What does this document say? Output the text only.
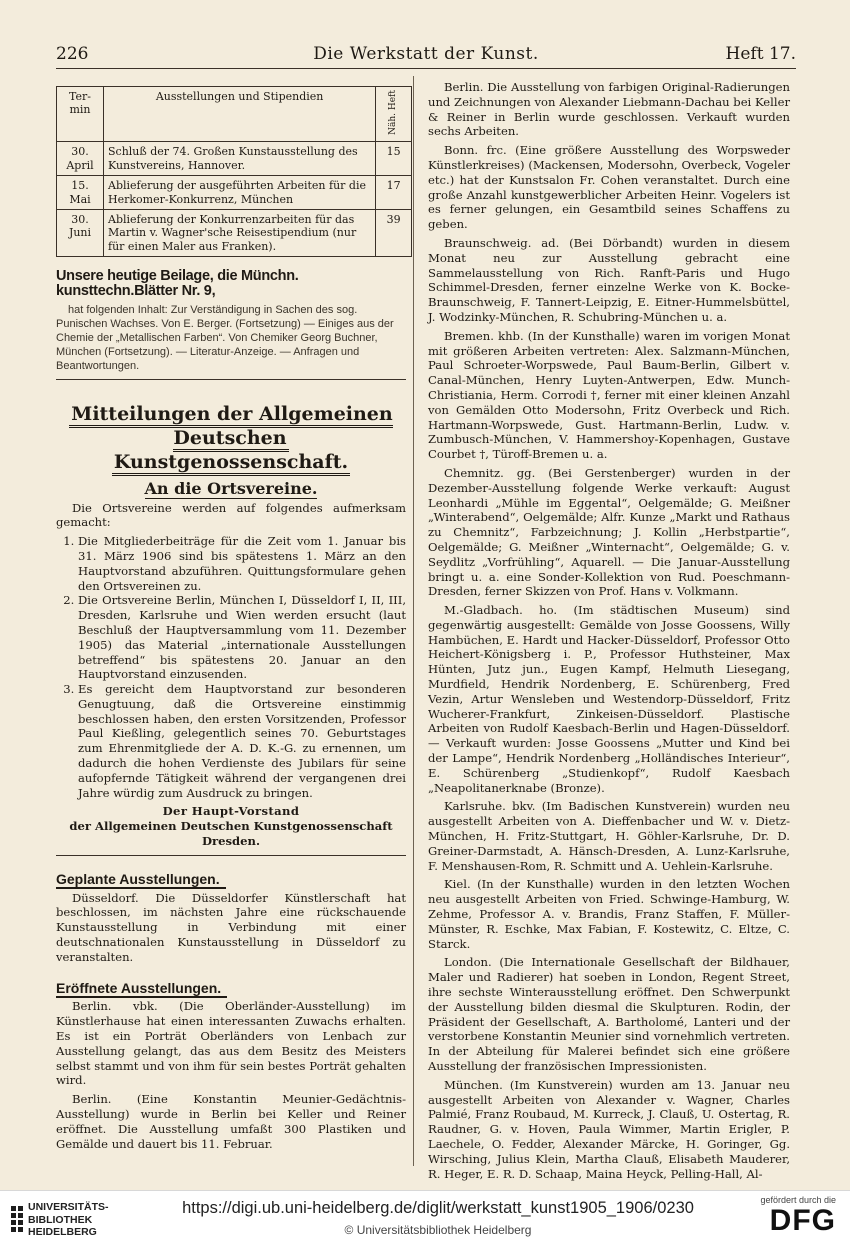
226	Die Werkstatt der Kunst.	Heft 17.
Ter-min	Ausstellungen und Stipendien	Näh. Heft
30. April	Schluß der 74. Großen Kunstausstellung des Kunstvereins, Hannover.	15
15. Mai	Ablieferung der ausgeführten Arbeiten für die Herkomer-Konkurrenz, München	17
30. Juni	Ablieferung der Konkurrenzarbeiten für das Martin v. Wagner'sche Reisestipendium (nur für einen Maler aus Franken).	39
Unsere heutige Beilage, die Münchn. kunsttechn.Blätter Nr. 9,
hat folgenden Inhalt: Zur Verständigung in Sachen des sog. Punischen Wachses. Von E. Berger. (Fortsetzung) — Einiges aus der Chemie der „Metallischen Farben“. Von Chemiker Georg Buchner, München (Fortsetzung). — Literatur-Anzeige. — Anfragen und Beantwortungen.
Mitteilungen der Allgemeinen Deutschen
Kunstgenossenschaft.
An die Ortsvereine.

Die Ortsvereine werden auf folgendes aufmerksam gemacht:

1. Die Mitgliederbeiträge für die Zeit vom 1. Januar bis 31. März 1906 sind bis spätestens 1. März an den Hauptvorstand abzuführen. Quittungsformulare gehen den Ortsvereinen zu.
2. Die Ortsvereine Berlin, München I, Düsseldorf I, II, III, Dresden, Karlsruhe und Wien werden ersucht (laut Beschluß der Hauptversammlung vom 11. Dezember 1905) das Material „internationale Ausstellungen betreffend“ bis spätestens 20. Januar an den Hauptvorstand einzusenden.
3. Es gereicht dem Hauptvorstand zur besonderen Genugtuung, daß die Ortsvereine einstimmig beschlossen haben, den ersten Vorsitzenden, Professor Paul Kießling, gelegentlich seines 70. Geburtstages zum Ehrenmitgliede der A. D. K.-G. zu ernennen, um dadurch die hohen Verdienste des Jubilars für seine aufopfernde Tätigkeit während der vergangenen drei Jahre würdig zum Ausdruck zu bringen.
Der Haupt-Vorstand
der Allgemeinen Deutschen Kunstgenossenschaft Dresden.
Geplante Ausstellungen.

Düsseldorf. Die Düsseldorfer Künstlerschaft hat beschlossen, im nächsten Jahre eine rückschauende Kunstausstellung in Verbindung mit einer deutschnationalen Kunstausstellung in Düsseldorf zu veranstalten.

Eröffnete Ausstellungen.

Berlin. vbk. (Die Oberländer-Ausstellung) im Künstlerhause hat einen interessanten Zuwachs erhalten. Es ist ein Porträt Oberländers von Lenbach zur Ausstellung gelangt, das aus dem Besitz des Meisters selbst stammt und von ihm für sein bestes Porträt gehalten wird.

Berlin. (Eine Konstantin Meunier-Gedächtnis-Ausstellung) wurde in Berlin bei Keller und Reiner eröffnet. Die Ausstellung umfaßt 300 Plastiken und Gemälde und dauert bis 11. Februar.

Berlin. Die Ausstellung von farbigen Original-Radierungen und Zeichnungen von Alexander Liebmann-Dachau bei Keller & Reiner in Berlin wurde geschlossen. Verkauft wurden sechs Arbeiten.

Bonn. frc. (Eine größere Ausstellung des Worpsweder Künstlerkreises) (Mackensen, Modersohn, Overbeck, Vogeler etc.) hat der Kunstsalon Fr. Cohen veranstaltet. Durch eine große Anzahl kunstgewerblicher Arbeiten Heinr. Vogelers ist es ferner gelungen, ein Gesamtbild seines Schaffens zu geben.

Braunschweig. ad. (Bei Dörbandt) wurden in diesem Monat neu zur Ausstellung gebracht eine Sammelausstellung von Rich. Ranft-Paris und Hugo Schimmel-Dresden, ferner einzelne Werke von K. Bocke-Braunschweig, F. Tannert-Leipzig, E. Eitner-Hummelsbüttel, J. Wodzinky-München, R. Schubring-München u. a.

Bremen. khb. (In der Kunsthalle) waren im vorigen Monat mit größeren Arbeiten vertreten: Alex. Salzmann-München, Paul Schroeter-Worpswede, Paul Baum-Berlin, Gilbert v. Canal-München, Henry Luyten-Antwerpen, Edw. Munch-Christiania, Herm. Corrodi †, ferner mit einer kleinen Anzahl von Gemälden Otto Modersohn, Fritz Overbeck und Rich. Hartmann-Worpswede, Gust. Hartmann-Berlin, Ludw. v. Zumbusch-München, V. Hammershoy-Kopenhagen, Gustave Courbet †, Türoff-Bremen u. a.

Chemnitz. gg. (Bei Gerstenberger) wurden in der Dezember-Ausstellung folgende Werke verkauft: August Leonhardi „Mühle im Eggental“, Oelgemälde; G. Meißner „Winterabend“, Oelgemälde; Alfr. Kunze „Markt und Rathaus zu Chemnitz“, Farbzeichnung; J. Kollin „Herbstpartie“, Oelgemälde; G. Meißner „Winternacht“, Oelgemälde; G. v. Seydlitz „Vorfrühling“, Aquarell. — Die Januar-Ausstellung bringt u. a. eine Sonder-Kollektion von Rud. Poeschmann-Dresden, ferner Skizzen von Prof. Hans v. Volkmann.

M.-Gladbach. ho. (Im städtischen Museum) sind gegenwärtig ausgestellt: Gemälde von Josse Goossens, Willy Hambüchen, E. Hardt und Hacker-Düsseldorf, Professor Otto Heichert-Königsberg i. P., Professor Huthsteiner, Max Hünten, Jutz jun., Eugen Kampf, Helmuth Liesegang, Murdfield, Hendrik Nordenberg, E. Schürenberg, Fred Vezin, Artur Wensleben und Westendorp-Düsseldorf, Fritz Wucherer-Frankfurt, Zinkeisen-Düsseldorf. Plastische Arbeiten von Rudolf Kaesbach-Berlin und Hagen-Düsseldorf. — Verkauft wurden: Josse Goossens „Mutter und Kind bei der Lampe“, Hendrik Nordenberg „Holländisches Interieur“, E. Schürenberg „Studienkopf“, Rudolf Kaesbach „Neapolitanerknabe (Bronze).

Karlsruhe. bkv. (Im Badischen Kunstverein) wurden neu ausgestellt Arbeiten von A. Dieffenbacher und W. v. Dietz-München, H. Fritz-Stuttgart, H. Göhler-Karlsruhe, Dr. D. Greiner-Darmstadt, A. Hänsch-Dresden, A. Lunz-Karlsruhe, F. Menshausen-Rom, R. Schmitt und A. Uehlein-Karlsruhe.

Kiel. (In der Kunsthalle) wurden in den letzten Wochen neu ausgestellt Arbeiten von Fried. Schwinge-Hamburg, W. Zehme, Professor A. v. Brandis, Franz Staffen, F. Müller-Münster, R. Eschke, Max Fabian, F. Kostewitz, C. Eltze, C. Starck.

London. (Die Internationale Gesellschaft der Bildhauer, Maler und Radierer) hat soeben in London, Regent Street, ihre sechste Winterausstellung eröffnet. Den Schwerpunkt der Ausstellung bilden diesmal die Skulpturen. Rodin, der Präsident der Gesellschaft, A. Bartholomé, Lanteri und der verstorbene Konstantin Meunier sind vornehmlich vertreten. In der Abteilung für Malerei befindet sich eine größere Ausstellung der französischen Impressionisten.

München. (Im Kunstverein) wurden am 13. Januar neu ausgestellt Arbeiten von Alexander v. Wagner, Charles Palmié, Franz Roubaud, M. Kurreck, J. Clauß, U. Ostertag, R. Raudner, G. v. Hoven, Paula Wimmer, Martin Erigler, P. Laechele, O. Fedder, Alexander Märcke, H. Goringer, Gg. Wirsching, Julius Klein, Martha Clauß, Elisabeth Mauderer, R. Heger, E. R. D. Schaap, Maina Heyck, Pelling-Hall, Al-

UNIVERSITÄTS-
BIBLIOTHEK
HEIDELBERG
https://digi.ub.uni-heidelberg.de/diglit/werkstatt_kunst1905_1906/0230
© Universitätsbibliothek Heidelberg
gefördert durch die
DFG
